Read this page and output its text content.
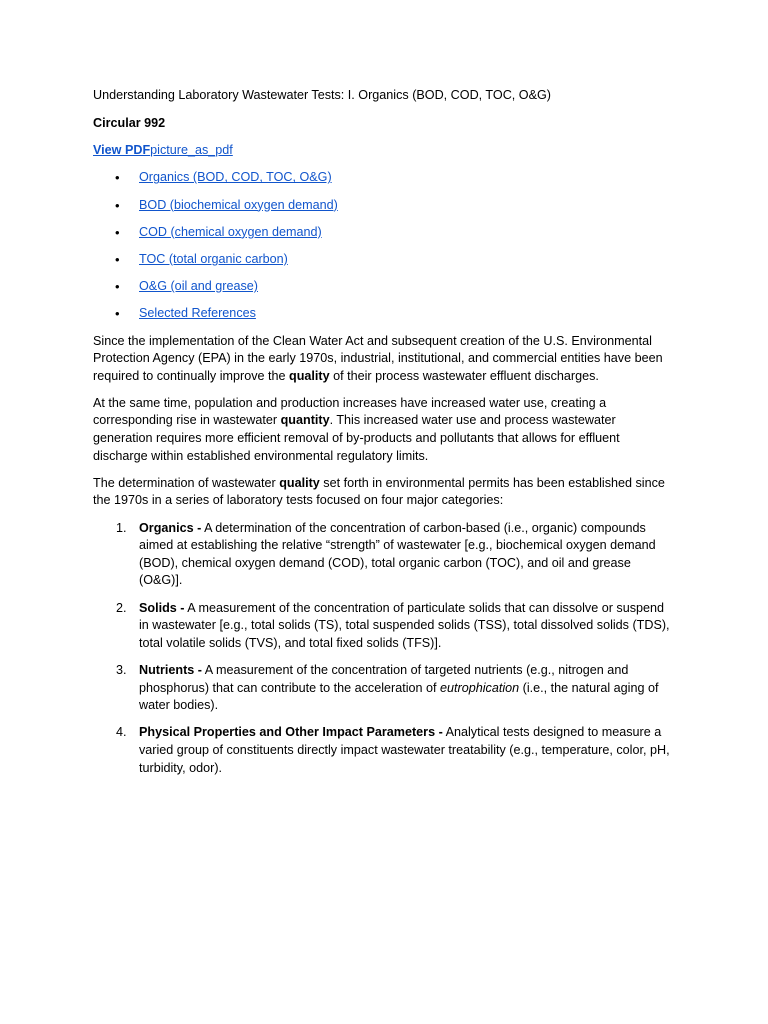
Understanding Laboratory Wastewater Tests: I. Organics (BOD, COD, TOC, O&G)

Circular 992

View PDFpicture_as_pdf

• Organics (BOD, COD, TOC, O&G)
• BOD (biochemical oxygen demand)
• COD (chemical oxygen demand)
• TOC (total organic carbon)
• O&G (oil and grease)
• Selected References

Since the implementation of the Clean Water Act and subsequent creation of the U.S. Environmental Protection Agency (EPA) in the early 1970s, industrial, institutional, and commercial entities have been required to continually improve the quality of their process wastewater effluent discharges.

At the same time, population and production increases have increased water use, creating a corresponding rise in wastewater quantity. This increased water use and process wastewater generation requires more efficient removal of by-products and pollutants that allows for effluent discharge within established environmental regulatory limits.

The determination of wastewater quality set forth in environmental permits has been established since the 1970s in a series of laboratory tests focused on four major categories:

1. Organics - A determination of the concentration of carbon-based (i.e., organic) compounds aimed at establishing the relative “strength” of wastewater [e.g., biochemical oxygen demand (BOD), chemical oxygen demand (COD), total organic carbon (TOC), and oil and grease (O&G)].
2. Solids - A measurement of the concentration of particulate solids that can dissolve or suspend in wastewater [e.g., total solids (TS), total suspended solids (TSS), total dissolved solids (TDS), total volatile solids (TVS), and total fixed solids (TFS)].
3. Nutrients - A measurement of the concentration of targeted nutrients (e.g., nitrogen and phosphorus) that can contribute to the acceleration of eutrophication (i.e., the natural aging of water bodies).
4. Physical Properties and Other Impact Parameters - Analytical tests designed to measure a varied group of constituents directly impact wastewater treatability (e.g., temperature, color, pH, turbidity, odor).
